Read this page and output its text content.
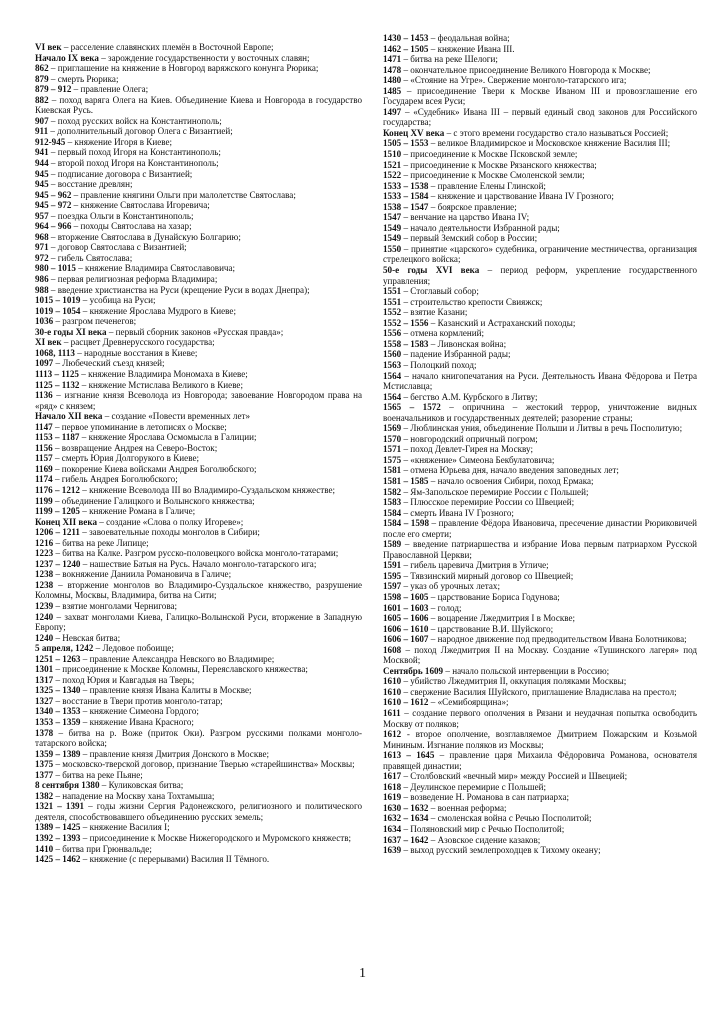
VI век – расселение славянских племён в Восточной Европе;

Начало IX века – зарождение государственности у восточных славян;

862 – приглашение на княжение в Новгород варяжского конунга Рюрика;

879 – смерть Рюрика;

879 – 912 – правление Олега;

882 – поход варяга Олега на Киев. Объединение Киева и Новгорода в государство Киевская Русь.

907 – поход русских войск на Константинополь;

911 – дополнительный договор Олега с Византией;

912-945 – княжение Игоря в Киеве;

941 – первый поход Игоря на Константинополь;

944 – второй поход Игоря на Константинополь;

945 – подписание договора с Византией;

945 – восстание древлян;

945 – 962 – правление княгини Ольги при малолетстве Святослава;

945 – 972 – княжение Святослава Игоревича;

957 – поездка Ольги в Константинополь;

964 – 966 – походы Святослава на хазар;

968 – вторжение Святослава в Дунайскую Болгарию;

971 – договор Святослава с Византией;

972 – гибель Святослава;

980 – 1015 – княжение Владимира Святославовича;

986 – первая религиозная реформа Владимира;

988 – введение христианства на Руси (крещение Руси в водах Днепра);

1015 – 1019 – усобица на Руси;

1019 – 1054 – княжение Ярослава Мудрого в Киеве;

1036 – разгром печенегов;

30-е годы XI века – первый сборник законов «Русская правда»;

XI век – расцвет Древнерусского государства;

1068, 1113 – народные восстания в Киеве;

1097 – Любеческий съезд князей;

1113 – 1125 – княжение Владимира Мономаха в Киеве;

1125 – 1132 – княжение Мстислава Великого в Киеве;

1136 – изгнание князя Всеволода из Новгорода; завоевание Новгородом права на «ряд» с князем;

Начало XII века – создание «Повести временных лет»

1147 – первое упоминание в летописях о Москве;

1153 – 1187 – княжение Ярослава Осмомысла в Галиции;

1156 – возвращение Андрея на Северо-Восток;

1157 – смерть Юрия Долгорукого в Киеве;

1169 – покорение Киева войсками Андрея Боголюбского;

1174 – гибель Андрея Боголюбского;

1176 – 1212 – княжение Всеволода III во Владимиро-Суздальском княжестве;

1199 – объединение Галицкого и Волынского княжества;

1199 – 1205 – княжение Романа в Галиче;

Конец XII века – создание «Слова о полку Игореве»;

1206 – 1211 – завоевательные походы монголов в Сибири;

1216 – битва на реке Липице;

1223 – битва на Калке. Разгром русско-половецкого войска монголо-татарами;

1237 – 1240 – нашествие Батыя на Русь. Начало монголо-татарского ига;

1238 – вокняжение Даниила Романовича в Галиче;

1238 – вторжение монголов во Владимиро-Суздальское княжество, разрушение Коломны, Москвы, Владимира, битва на Сити;

1239 – взятие монголами Чернигова;

1240 – захват монголами Киева, Галицко-Волынской Руси, вторжение в Западную Европу;

1240 – Невская битва;

5 апреля, 1242 – Ледовое побоище;

1251 – 1263 – правление Александра Невского во Владимире;

1301 – присоединение к Москве Коломны, Переяславского княжества;

1317 – поход Юрия и Кавгадыя на Тверь;

1325 – 1340 – правление князя Ивана Калиты в Москве;

1327 – восстание в Твери против монголо-татар;

1340 – 1353 – княжение Симеона Гордого;

1353 – 1359 – княжение Ивана Красного;

1378 – битва на р. Воже (приток Оки). Разгром русскими полками монголо-татарского войска;

1359 – 1389 – правление князя Дмитрия Донского в Москве;

1375 – московско-тверской договор, признание Тверью «старейшинства» Москвы;

1377 – битва на реке Пьяне;

8 сентября 1380 – Куликовская битва;

1382 – нападение на Москву хана Тохтамыша;

1321 – 1391 – годы жизни Сергия Радонежского, религиозного и политического деятеля, способствовавшего объединению русских земель;

1389 – 1425 – княжение Василия I;

1392 – 1393 – присоединение к Москве Нижегородского и Муромского княжеств;

1410 – битва при Грюнвальде;

1425 – 1462 – княжение (с перерывами) Василия II Тёмного.

1430 – 1453 – феодальная война;

1462 – 1505 – княжение Ивана III.

1471 – битва на реке Шелоги;

1478 – окончательное присоединение Великого Новгорода к Москве;

1480 – «Стояние на Угре». Свержение монголо-татарского ига;

1485 – присоединение Твери к Москве Иваном III и провозглашение его Государем всея Руси;

1497 – «Судебник» Ивана III – первый единый свод законов для Российского государства;

Конец XV века – с этого времени государство стало называться Россией;

1505 – 1553 – великое Владимирское и Московское княжение Василия III;

1510 – присоединение к Москве Псковской земле;

1521 – присоединение к Москве Рязанского княжества;

1522 – присоединение к Москве Смоленской земли;

1533 – 1538 – правление Елены Глинской;

1533 – 1584 – княжение и царствование Ивана IV Грозного;

1538 – 1547 – боярское правление;

1547 – венчание на царство Ивана IV;

1549 – начало деятельности Избранной рады;

1549 – первый Земский собор в России;

1550 – принятие «царского» судебника, ограничение местничества, организация стрелецкого войска;

50-е годы XVI века – период реформ, укрепление государственного управления;

1551 – Стоглавый собор;

1551 – строительство крепости Свияжск;

1552 – взятие Казани;

1552 – 1556 – Казанский и Астраханский походы;

1556 – отмена кормлений;

1558 – 1583 – Ливонская война;

1560 – падение Избранной рады;

1563 – Полоцкий поход;

1564 – начало книгопечатания на Руси. Деятельность Ивана Фёдорова и Петра Мстиславца;

1564 – бегство А.М. Курбского в Литву;

1565 – 1572 – опричнина – жестокий террор, уничтожение видных военачальников и государственных деятелей; разорение страны;

1569 – Люблинская уния, объединение Польши и Литвы в речь Посполитую;

1570 – новгородский опричный погром;

1571 – поход Девлет-Гирея на Москву;

1575 – «княжение» Симеона Бекбулатовича;

1581 – отмена Юрьева дня, начало введения заповедных лет;

1581 – 1585 – начало освоения Сибири, поход Ермака;

1582 – Ям-Запольское перемирие России с Польшей;

1583 – Плюсское перемирие России со Швецией;

1584 – смерть Ивана IV Грозного;

1584 – 1598 – правление Фёдора Ивановича, пресечение династии Рюриковичей после его смерти;

1589 – введение патриаршества и избрание Иова первым патриархом Русской Православной Церкви;

1591 – гибель царевича Дмитрия в Угличе;

1595 – Тявзинский мирный договор со Швецией;

1597 – указ об урочных летах;

1598 – 1605 – царствование Бориса Годунова;

1601 – 1603 – голод;

1605 – 1606 – воцарение Лжедмитрия I в Москве;

1606 – 1610 – царствование В.И. Шуйского;

1606 – 1607 – народное движение под предводительством Ивана Болотникова;

1608 – поход Лжедмитрия II на Москву. Создание «Тушинского лагеря» под Москвой;

Сентябрь 1609 – начало польской интервенции в Россию;

1610 – убийство Лжедмитрия II, оккупация поляками Москвы;

1610 – свержение Василия Шуйского, приглашение Владислава на престол;

1610 – 1612 – «Семибоярщина»;

1611 – создание первого ополчения в Рязани и неудачная попытка освободить Москву от поляков;

1612 - второе ополчение, возглавляемое Дмитрием Пожарским и Козьмой Мининым. Изгнание поляков из Москвы;

1613 – 1645 – правление царя Михаила Фёдоровича Романова, основателя правящей династии;

1617 – Столбовский «вечный мир» между Россией и Швецией;

1618 – Деулинское перемирие с Польшей;

1619 – возведение Н. Романова в сан патриарха;

1630 – 1632 – военная реформа;

1632 – 1634 – смоленская война с Речью Посполитой;

1634 – Поляновский мир с Речью Посполитой;

1637 – 1642 – Азовское сидение казаков;

1639 – выход русский землепроходцев к Тихому океану;

1
